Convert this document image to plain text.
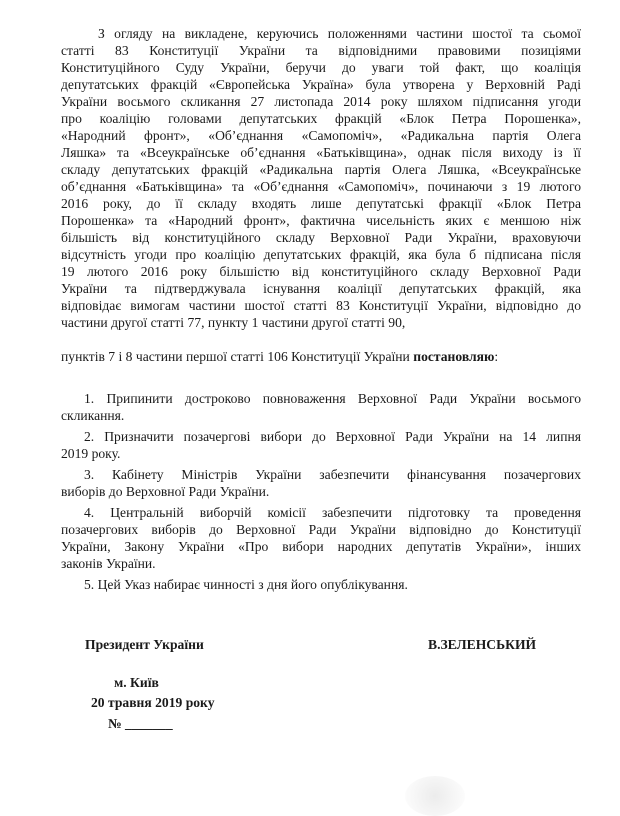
З огляду на викладене, керуючись положеннями частини шостої та сьомої
статті 83 Конституції України та відповідними правовими позиціями
Конституційного Суду України, беручи до уваги той факт, що коаліція
депутатських фракцій «Європейська Україна» була утворена у Верховній Раді
України восьмого скликання 27 листопада 2014 року шляхом підписання угоди
про коаліцію головами депутатських фракцій «Блок Петра Порошенка»,
«Народний фронт», «Об’єднання «Самопоміч», «Радикальна партія Олега
Ляшка» та «Всеукраїнське об’єднання «Батьківщина», однак після виходу із її
складу депутатських фракцій «Радикальна партія Олега Ляшка, «Всеукраїнське
об’єднання «Батьківщина» та «Об’єднання «Самопоміч», починаючи з 19 лютого
2016 року, до її складу входять лише депутатські фракції «Блок Петра
Порошенка» та «Народний фронт», фактична чисельність яких є меншою ніж
більшість від конституційного складу Верховної Ради України, враховуючи
відсутність угоди про коаліцію депутатських фракцій, яка була б підписана після
19 лютого 2016 року більшістю від конституційного складу Верховної Ради
України та підтверджувала існування коаліції депутатських фракцій, яка
відповідає вимогам частини шостої статті 83 Конституції України, відповідно до
частини другої статті 77, пункту 1 частини другої статті 90,
пунктів 7 і 8 частини першої статті 106 Конституції України постановляю:
1. Припинити достроково повноваження Верховної Ради України восьмого
скликання.
2. Призначити позачергові вибори до Верховної Ради України на 14 липня
2019 року.
3. Кабінету Міністрів України забезпечити фінансування позачергових
виборів до Верховної Ради України.
4. Центральній виборчій комісії забезпечити підготовку та проведення
позачергових виборів до Верховної Ради України відповідно до Конституції
України, Закону України «Про вибори народних депутатів України», інших
законів України.
5. Цей Указ набирає чинності з дня його опублікування.
Президент України	В.ЗЕЛЕНСЬКИЙ
м. Київ
20 травня 2019 року
№ _______
